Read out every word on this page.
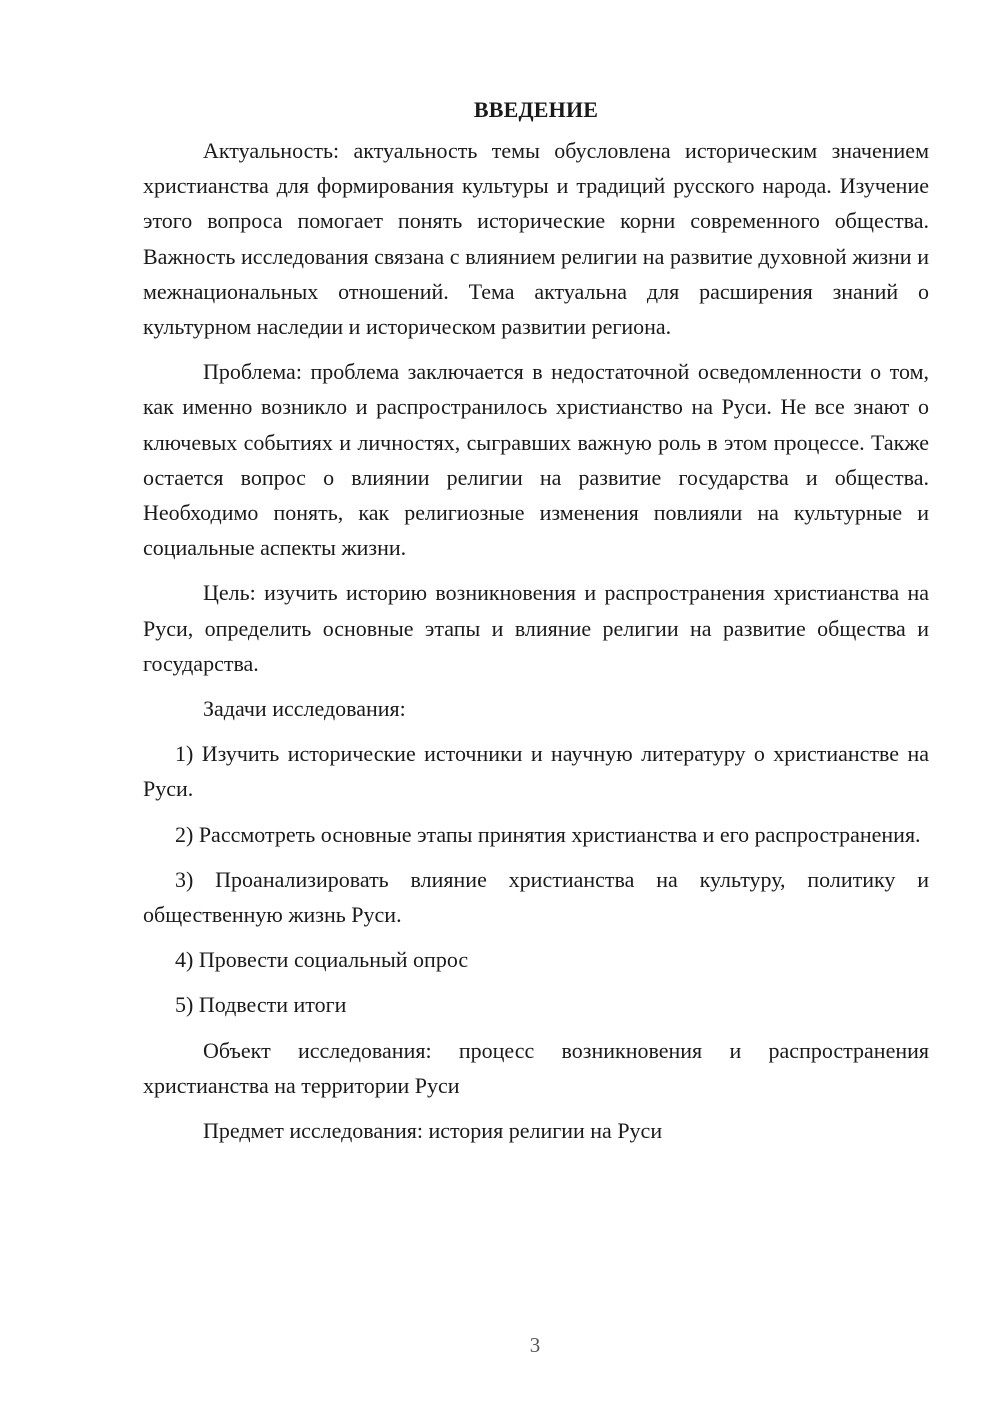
ВВЕДЕНИЕ

Актуальность: актуальность темы обусловлена историческим значением христианства для формирования культуры и традиций русского народа. Изучение этого вопроса помогает понять исторические корни современного общества. Важность исследования связана с влиянием религии на развитие духовной жизни и межнациональных отношений. Тема актуальна для расширения знаний о культурном наследии и историческом развитии региона.

Проблема: проблема заключается в недостаточной осведомленности о том, как именно возникло и распространилось христианство на Руси. Не все знают о ключевых событиях и личностях, сыгравших важную роль в этом процессе. Также остается вопрос о влиянии религии на развитие государства и общества. Необходимо понять, как религиозные изменения повлияли на культурные и социальные аспекты жизни.

Цель: изучить историю возникновения и распространения христианства на Руси, определить основные этапы и влияние религии на развитие общества и государства.

Задачи исследования:

1) Изучить исторические источники и научную литературу о христианстве на Руси.

2) Рассмотреть основные этапы принятия христианства и его распространения.

3) Проанализировать влияние христианства на культуру, политику и общественную жизнь Руси.

4) Провести социальный опрос

5) Подвести итоги

Объект исследования: процесс возникновения и распространения христианства на территории Руси

Предмет исследования: история религии на Руси

3
